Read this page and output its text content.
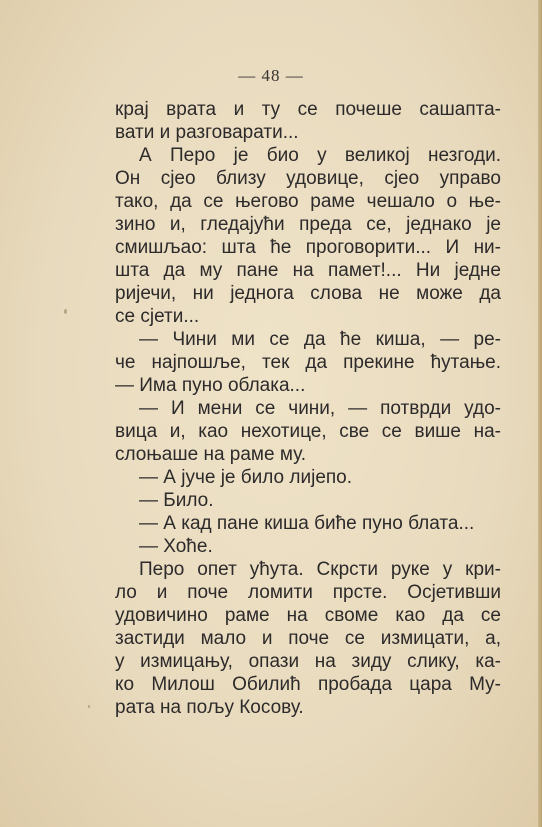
— 48 —
крај врата и ту се почеше сашапта-
вати и разговарати...
А Перо је био у великој незгоди.
Он сјео близу удовице, сјео управо
тако, да се његово раме чешало о ње-
зино и, гледајући преда се, једнако је
смишљао: шта ће проговорити... И ни-
шта да му пане на памет!... Ни једне
ријечи, ни једнога слова не може да
се сјети...
— Чини ми се да ће киша, — ре-
че најпошље, тек да прекине ћутање.
— Има пуно облака...
— И мени се чини, — потврди удо-
вица и, као нехотице, све се више на-
слоњаше на раме му.
— А јуче је било лијепо.
— Било.
— А кад пане киша биће пуно блата...
— Хоће.
Перо опет ућута. Скрсти руке у кри-
ло и поче ломити прсте. Осјетивши
удовичино раме на своме као да се
застиди мало и поче се измицати, а,
у измицању, опази на зиду слику, ка-
ко Милош Обилић пробада цара Му-
рата на пољу Косову.
